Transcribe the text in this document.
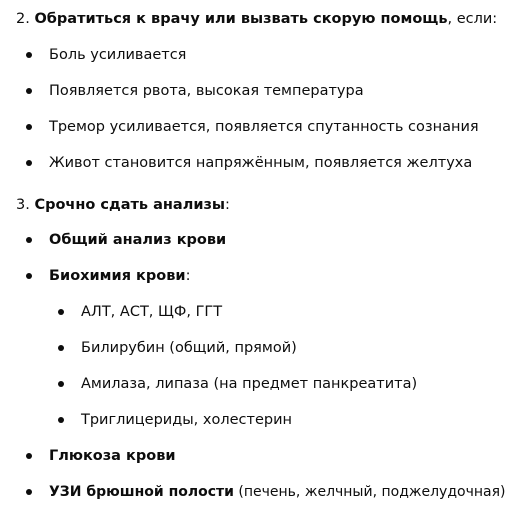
2. Обратиться к врачу или вызвать скорую помощь, если:
Боль усиливается
Появляется рвота, высокая температура
Тремор усиливается, появляется спутанность сознания
Живот становится напряжённым, появляется желтуха
3. Срочно сдать анализы:
Общий анализ крови
Биохимия крови:
АЛТ, АСТ, ЩФ, ГГТ
Билирубин (общий, прямой)
Амилаза, липаза (на предмет панкреатита)
Триглицериды, холестерин
Глюкоза крови
УЗИ брюшной полости (печень, желчный, поджелудочная)
